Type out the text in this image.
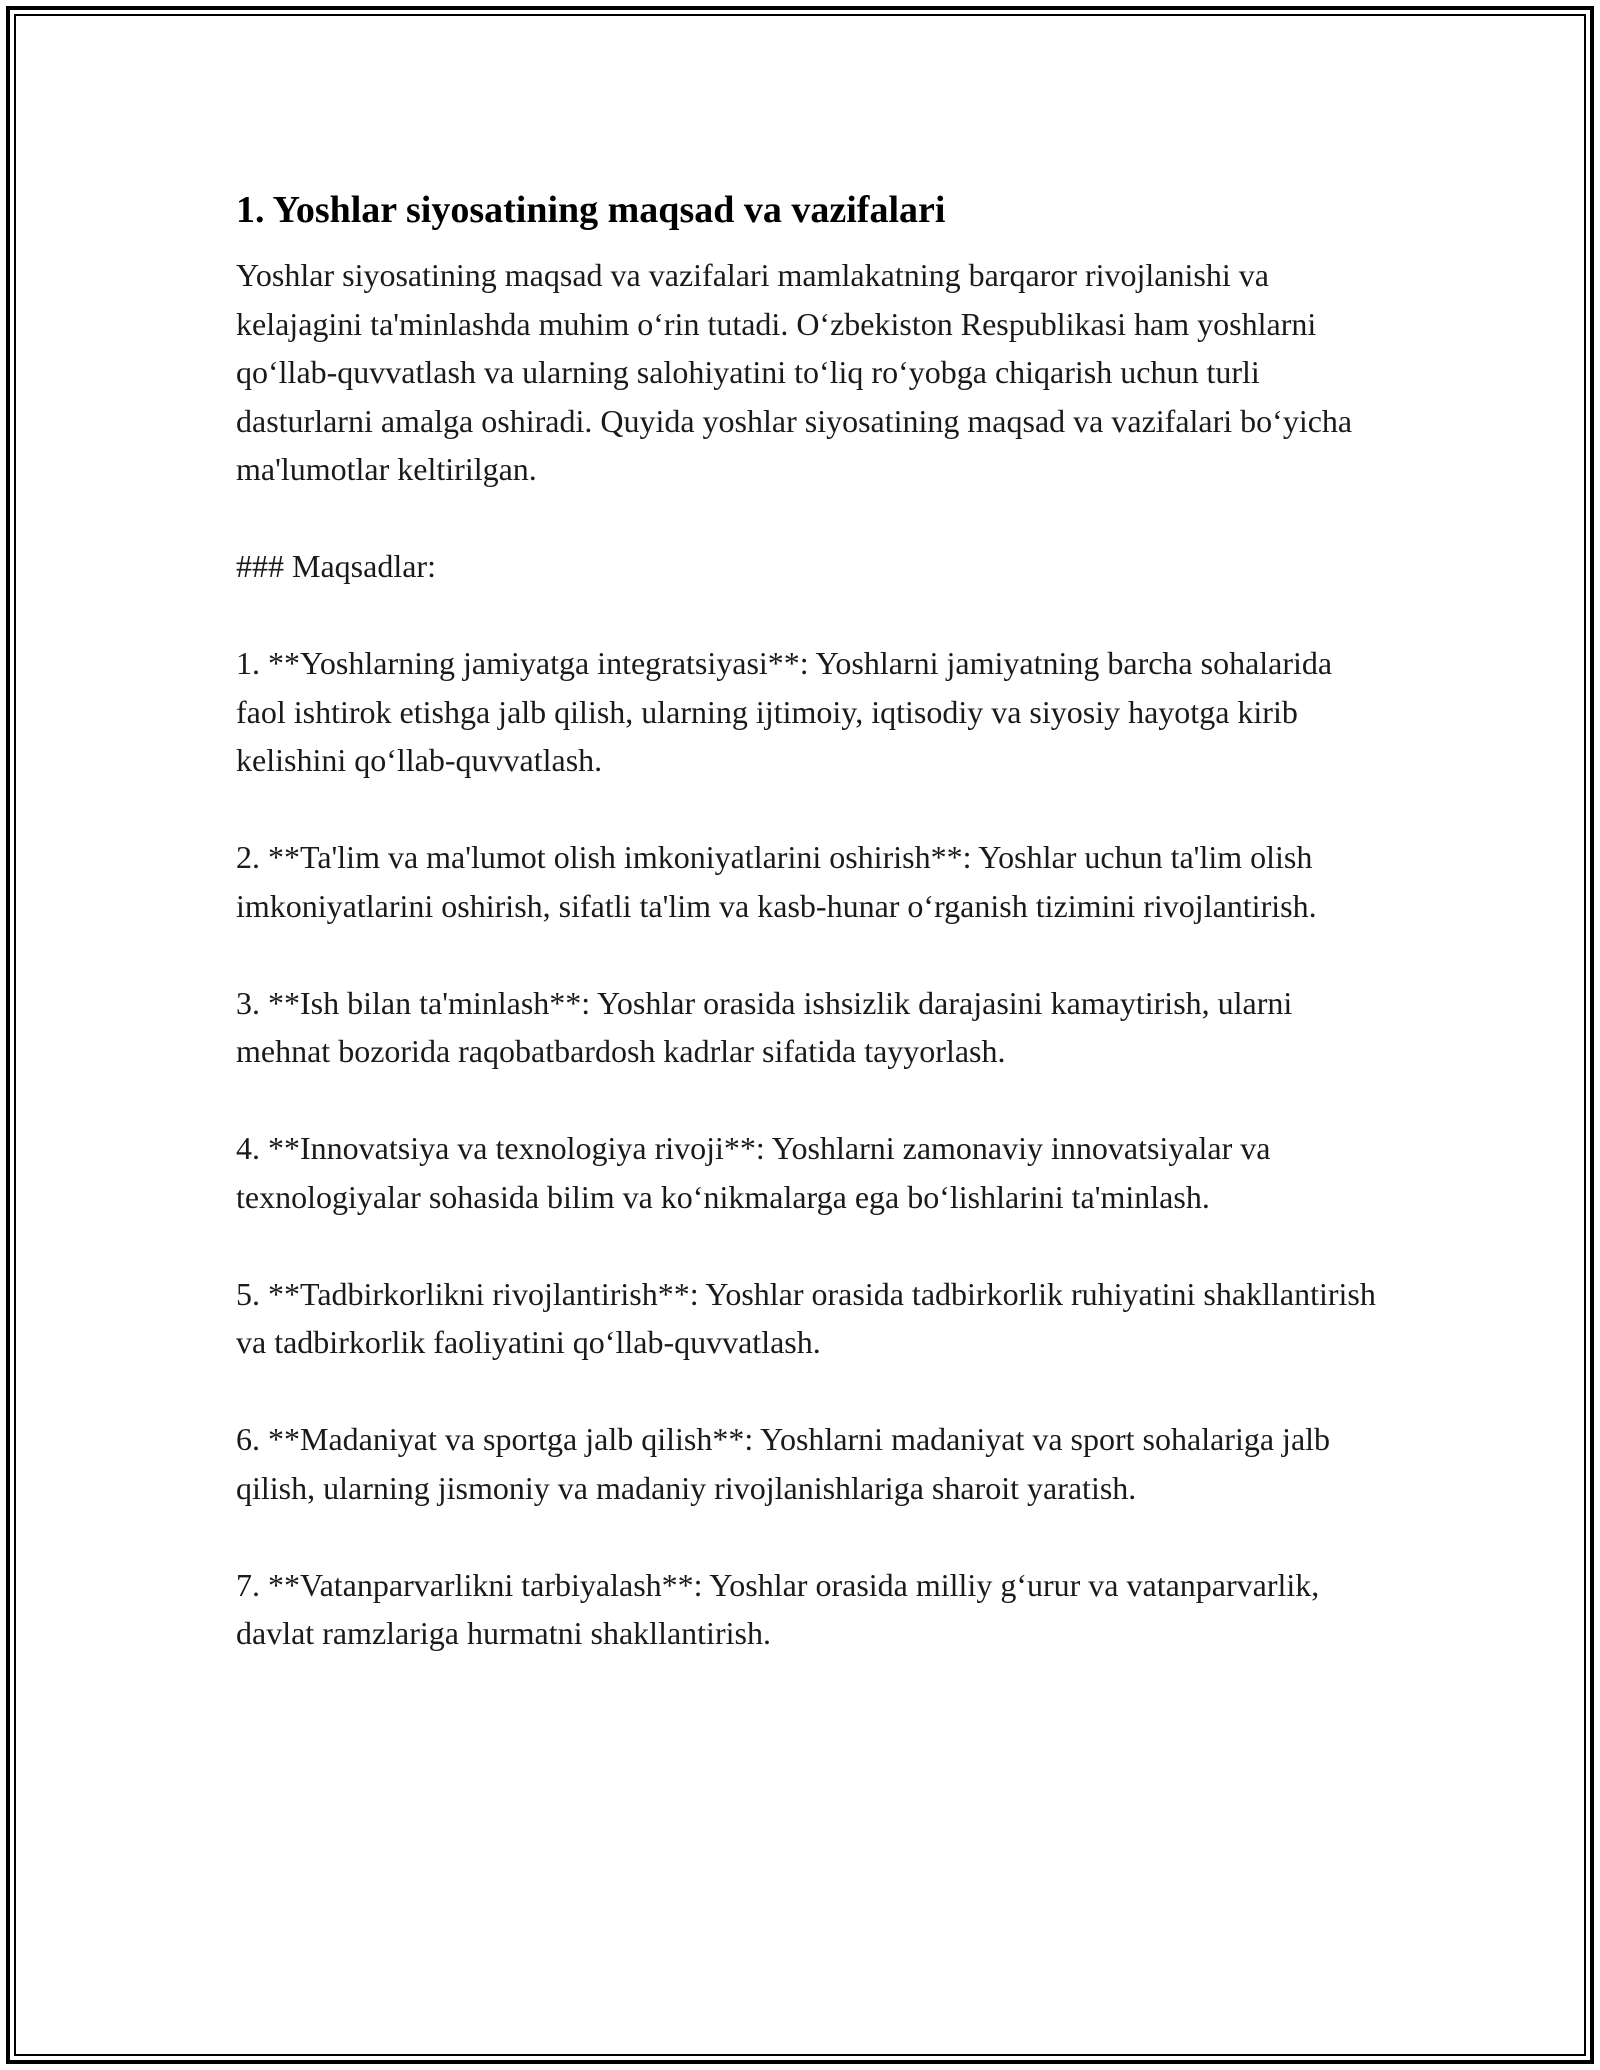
1. Yoshlar siyosatining maqsad va vazifalari

Yoshlar siyosatining maqsad va vazifalari mamlakatning barqaror rivojlanishi va kelajagini ta'minlashda muhim o‘rin tutadi. O‘zbekiston Respublikasi ham yoshlarni qo‘llab-quvvatlash va ularning salohiyatini to‘liq ro‘yobga chiqarish uchun turli dasturlarni amalga oshiradi. Quyida yoshlar siyosatining maqsad va vazifalari bo‘yicha ma'lumotlar keltirilgan.

### Maqsadlar:

1. **Yoshlarning jamiyatga integratsiyasi**: Yoshlarni jamiyatning barcha sohalarida faol ishtirok etishga jalb qilish, ularning ijtimoiy, iqtisodiy va siyosiy hayotga kirib kelishini qo‘llab-quvvatlash.

2. **Ta'lim va ma'lumot olish imkoniyatlarini oshirish**: Yoshlar uchun ta'lim olish imkoniyatlarini oshirish, sifatli ta'lim va kasb-hunar o‘rganish tizimini rivojlantirish.

3. **Ish bilan ta'minlash**: Yoshlar orasida ishsizlik darajasini kamaytirish, ularni mehnat bozorida raqobatbardosh kadrlar sifatida tayyorlash.

4. **Innovatsiya va texnologiya rivoji**: Yoshlarni zamonaviy innovatsiyalar va texnologiyalar sohasida bilim va ko‘nikmalarga ega bo‘lishlarini ta'minlash.

5. **Tadbirkorlikni rivojlantirish**: Yoshlar orasida tadbirkorlik ruhiyatini shakllantirish va tadbirkorlik faoliyatini qo‘llab-quvvatlash.

6. **Madaniyat va sportga jalb qilish**: Yoshlarni madaniyat va sport sohalariga jalb qilish, ularning jismoniy va madaniy rivojlanishlariga sharoit yaratish.

7. **Vatanparvarlikni tarbiyalash**: Yoshlar orasida milliy g‘urur va vatanparvarlik, davlat ramzlariga hurmatni shakllantirish.
